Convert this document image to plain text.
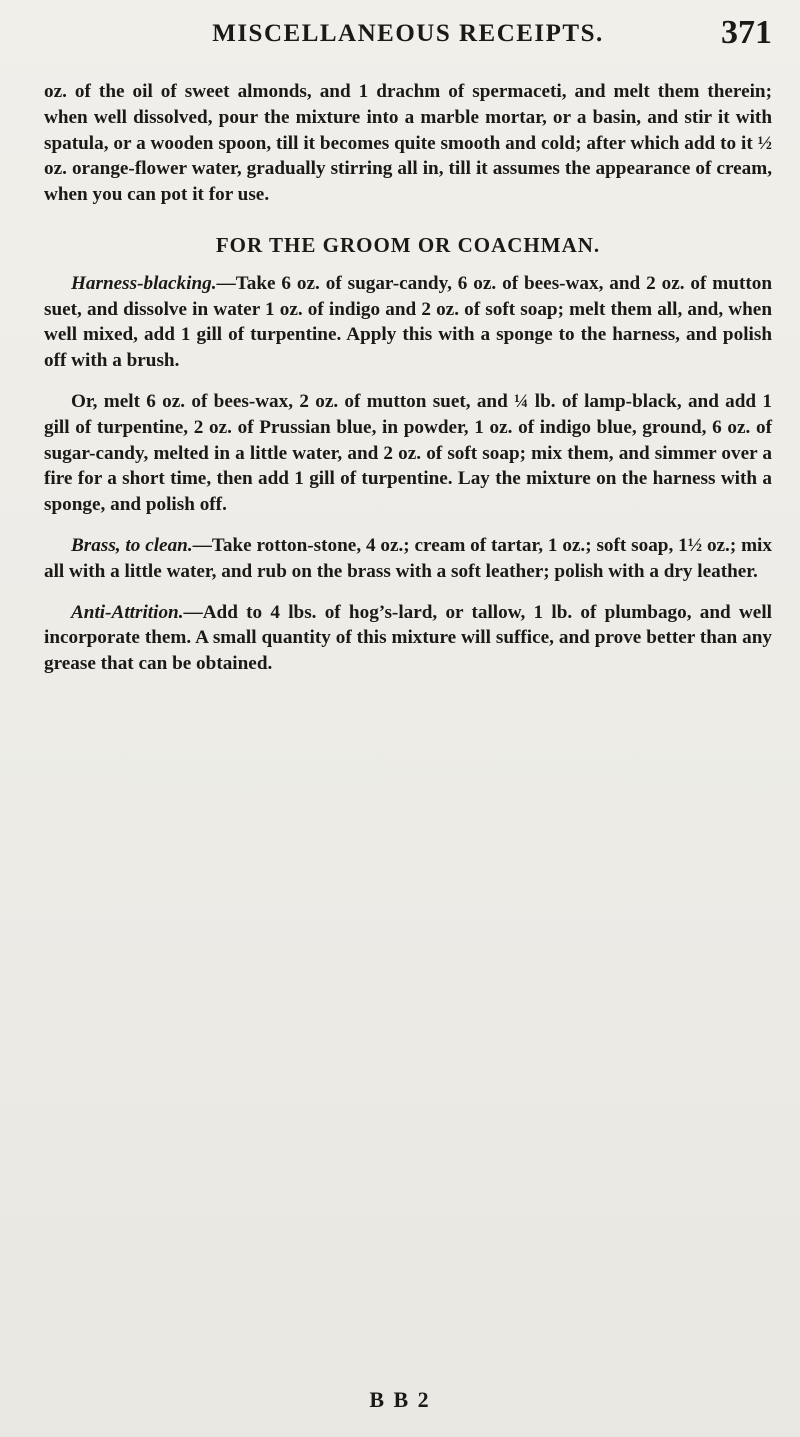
MISCELLANEOUS RECEIPTS.	371

oz. of the oil of sweet almonds, and 1 drachm of spermaceti, and melt them therein; when well dissolved, pour the mixture into a marble mortar, or a basin, and stir it with spatula, or a wooden spoon, till it becomes quite smooth and cold; after which add to it ½ oz. orange-flower water, gradually stirring all in, till it assumes the appearance of cream, when you can pot it for use.

FOR THE GROOM OR COACHMAN.

Harness-blacking.—Take 6 oz. of sugar-candy, 6 oz. of bees-wax, and 2 oz. of mutton suet, and dissolve in water 1 oz. of indigo and 2 oz. of soft soap; melt them all, and, when well mixed, add 1 gill of turpentine. Apply this with a sponge to the harness, and polish off with a brush.

Or, melt 6 oz. of bees-wax, 2 oz. of mutton suet, and ¼ lb. of lamp-black, and add 1 gill of turpentine, 2 oz. of Prussian blue, in powder, 1 oz. of indigo blue, ground, 6 oz. of sugar-candy, melted in a little water, and 2 oz. of soft soap; mix them, and simmer over a fire for a short time, then add 1 gill of turpentine. Lay the mixture on the harness with a sponge, and polish off.

Brass, to clean.—Take rotton-stone, 4 oz.; cream of tartar, 1 oz.; soft soap, 1½ oz.; mix all with a little water, and rub on the brass with a soft leather; polish with a dry leather.

Anti-Attrition.—Add to 4 lbs. of hog’s-lard, or tallow, 1 lb. of plumbago, and well incorporate them. A small quantity of this mixture will suffice, and prove better than any grease that can be obtained.

B B 2
